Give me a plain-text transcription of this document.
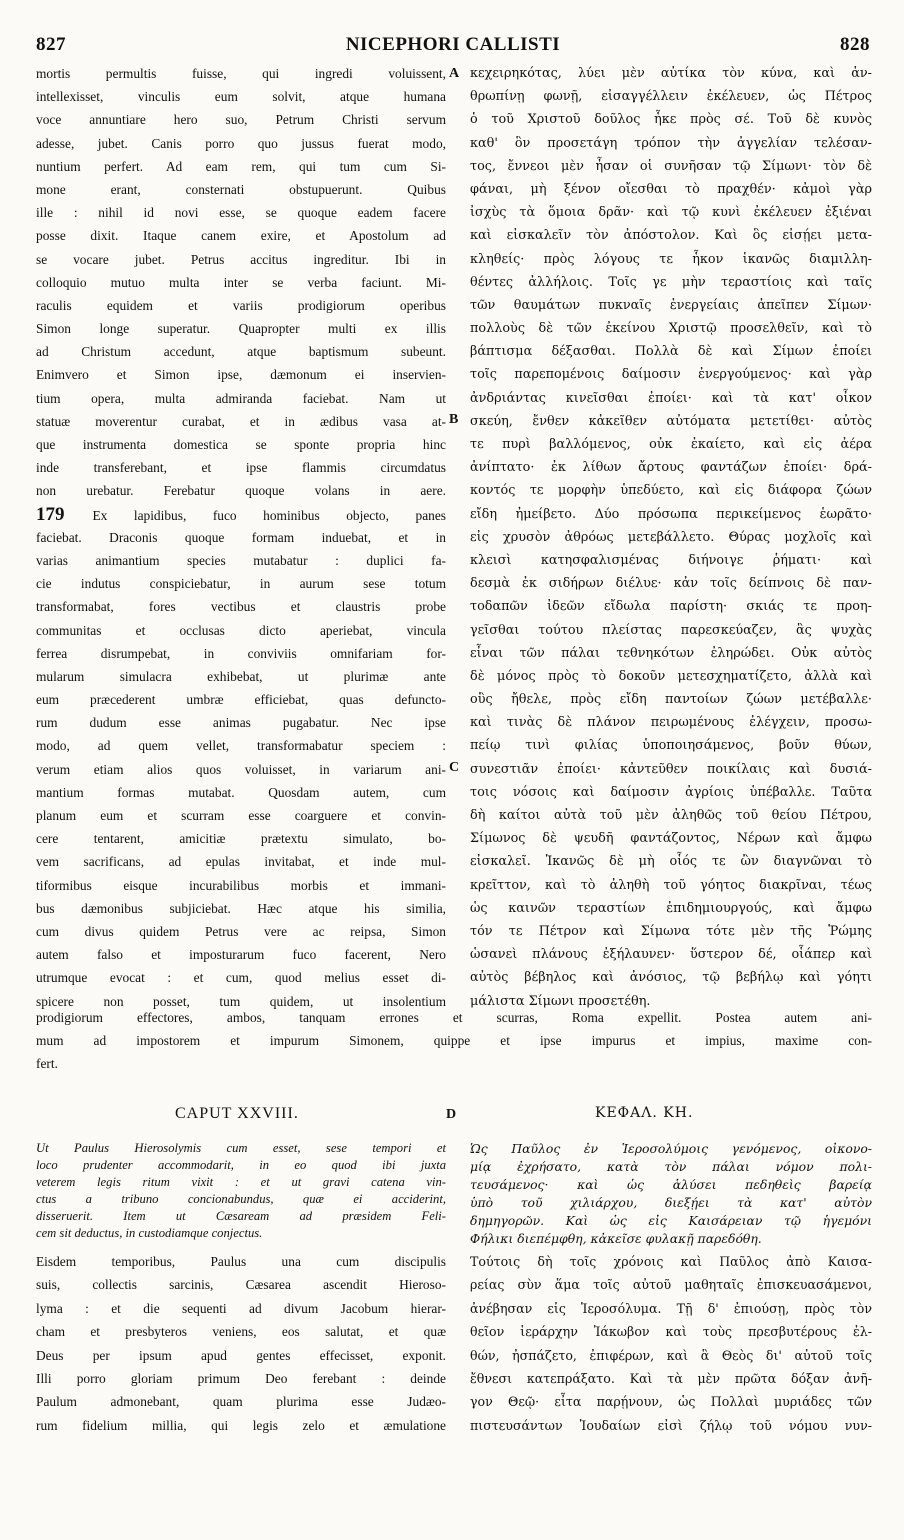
827	NICEPHORI CALLISTI	828
mortis permultis fuisse, qui ingredi voluissent,
intellexisset, vinculis eum solvit, atque humana
voce annuntiare hero suo, Petrum Christi servum
adesse, jubet. Canis porro quo jussus fuerat modo,
nuntium perfert. Ad eam rem, qui tum cum Si-
mone erant, consternati obstupuerunt. Quibus
ille : nihil id novi esse, se quoque eadem facere
posse dixit. Itaque canem exire, et Apostolum ad
se vocare jubet. Petrus accitus ingreditur. Ibi in
colloquio mutuo multa inter se verba faciunt. Mi-
raculis equidem et variis prodigiorum operibus
Simon longe superatur. Quapropter multi ex illis
ad Christum accedunt, atque baptismum subeunt.
Enimvero et Simon ipse, dæmonum ei inservien-
tium opera, multa admiranda faciebat. Nam ut
statuæ moverentur curabat, et in ædibus vasa at-
que instrumenta domestica se sponte propria hinc
inde transferebant, et ipse flammis circumdatus
non urebatur. Ferebatur quoque volans in aere.
179 Ex lapidibus, fuco hominibus objecto, panes
faciebat. Draconis quoque formam induebat, et in
varias animantium species mutabatur : duplici fa-
cie indutus conspiciebatur, in aurum sese totum
transformabat, fores vectibus et claustris probe
communitas et occlusas dicto aperiebat, vincula
ferrea disrumpebat, in conviviis omnifariam for-
mularum simulacra exhibebat, ut plurimæ ante
eum præcederent umbræ efficiebat, quas defuncto-
rum dudum esse animas pugabatur. Nec ipse
modo, ad quem vellet, transformabatur speciem :
verum etiam alios quos voluisset, in variarum ani-
mantium formas mutabat. Quosdam autem, cum
planum eum et scurram esse coarguere et convin-
cere tentarent, amicitiæ prætextu simulato, bo-
vem sacrificans, ad epulas invitabat, et inde mul-
tiformibus eisque incurabilibus morbis et immani-
bus dæmonibus subjiciebat. Hæc atque his similia,
cum divus quidem Petrus vere ac reipsa, Simon
autem falso et imposturarum fuco facerent, Nero
utrumque evocat : et cum, quod melius esset di-
spicere non posset, tum quidem, ut insolentium
κεχειρηκότας, λύει μὲν αὐτίκα τὸν κύνα, καὶ ἀν-
θρωπίνῃ φωνῇ, εἰσαγγέλλειν ἐκέλευεν, ὡς Πέτρος
ὁ τοῦ Χριστοῦ δοῦλος ἧκε πρὸς σέ. Τοῦ δὲ κυνὸς
καθ' ὃν προσετάγη τρόπον τὴν ἀγγελίαν τελέσαν-
τος, ἔννεοι μὲν ἦσαν οἱ συνῆσαν τῷ Σίμωνι· τὸν δὲ
φάναι, μὴ ξένον οἴεσθαι τὸ πραχθέν· κἀμοὶ γὰρ
ἰσχὺς τὰ ὅμοια δρᾶν· καὶ τῷ κυνὶ ἐκέλευεν ἐξιέναι
καὶ εἰσκαλεῖν τὸν ἀπόστολον. Καὶ ὃς εἰσῄει μετα-
κληθείς· πρὸς λόγους τε ἧκον ἱκανῶς διαμιλλη-
θέντες ἀλλήλοις. Τοῖς γε μὴν τεραστίοις καὶ ταῖς
τῶν θαυμάτων πυκναῖς ἐνεργείαις ἀπεῖπεν Σίμων·
πολλοὺς δὲ τῶν ἐκείνου Χριστῷ προσελθεῖν, καὶ τὸ
βάπτισμα δέξασθαι. Πολλὰ δὲ καὶ Σίμων ἐποίει
τοῖς παρεπομένοις δαίμοσιν ἐνεργούμενος· καὶ γὰρ
ἀνδριάντας κινεῖσθαι ἐποίει· καὶ τὰ κατ' οἶκον
σκεύη, ἔνθεν κἀκεῖθεν αὐτόματα μετετίθει· αὐτὸς
τε πυρὶ βαλλόμενος, οὐκ ἐκαίετο, καὶ εἰς ἀέρα
ἀνίπτατο· ἐκ λίθων ἄρτους φαντάζων ἐποίει· δρά-
κοντός τε μορφὴν ὑπεδύετο, καὶ εἰς διάφορα ζώων
εἴδη ἠμείβετο. Δύο πρόσωπα περικείμενος ἑωρᾶτο·
εἰς χρυσὸν ἀθρόως μετεβάλλετο. Θύρας μοχλοῖς καὶ
κλεισὶ κατησφαλισμένας διήνοιγε ῥήματι· καὶ
δεσμὰ ἐκ σιδήρων διέλυε· κἀν τοῖς δείπνοις δὲ παν-
τοδαπῶν ἰδεῶν εἴδωλα παρίστη· σκιάς τε προη-
γεῖσθαι τούτου πλείστας παρεσκεύαζεν, ἃς ψυχὰς
εἶναι τῶν πάλαι τεθνηκότων ἐληρώδει. Οὐκ αὐτὸς
δὲ μόνος πρὸς τὸ δοκοῦν μετεσχηματίζετο, ἀλλὰ καὶ
οὓς ἤθελε, πρὸς εἴδη παντοίων ζώων μετέβαλλε·
καὶ τινὰς δὲ πλάνον πειρωμένους ἐλέγχειν, προσω-
πείῳ τινὶ φιλίας ὑποποιησάμενος, βοῦν θύων,
συνεστιᾶν ἐποίει· κἀντεῦθεν ποικίλαις καὶ δυσιά-
τοις νόσοις καὶ δαίμοσιν ἀγρίοις ὑπέβαλλε. Ταῦτα
δὴ καίτοι αὐτὰ τοῦ μὲν ἀληθῶς τοῦ θείου Πέτρου,
Σίμωνος δὲ ψευδῆ φαντάζοντος, Νέρων καὶ ἄμφω
εἰσκαλεῖ. Ἱκανῶς δὲ μὴ οἷός τε ὢν διαγνῶναι τὸ
κρεῖττον, καὶ τὸ ἀληθὴ τοῦ γόητος διακρῖναι, τέως
ὡς καινῶν τεραστίων ἐπιδημιουργούς, καὶ ἄμφω
τόν τε Πέτρον καὶ Σίμωνα τότε μὲν τῆς Ῥώμης
ὡσανεὶ πλάνους ἐξήλαυνεν· ὕστερον δέ, οἷάπερ καὶ
αὐτὸς βέβηλος καὶ ἀνόσιος, τῷ βεβήλῳ καὶ γόητι
μάλιστα Σίμωνι προσετέθη.
A
B
C
prodigiorum effectores, ambos, tanquam errones et scurras, Roma expellit. Postea autem ani-
mum ad impostorem et impurum Simonem, quippe et ipse impurus et impius, maxime con-
fert.
CAPUT XXVIII.	D	ΚΕΦΑΛ. ΚΗ.
Ut Paulus Hierosolymis cum esset, sese tempori et
loco prudenter accommodarit, in eo quod ibi juxta
veterem legis ritum vixit : et ut gravi catena vin-
ctus a tribuno concionabundus, quæ ei acciderint,
disseruerit. Item ut Cæsaream ad præsidem Feli-
cem sit deductus, in custodiamque conjectus.
Ὡς Παῦλος ἐν Ἱεροσολύμοις γενόμενος, οἰκονο-
μίᾳ ἐχρήσατο, κατὰ τὸν πάλαι νόμον πολι-
τευσάμενος· καὶ ὡς ἁλύσει πεδηθεὶς βαρείᾳ
ὑπὸ τοῦ χιλιάρχου, διεξῄει τὰ κατ' αὐτὸν
δημηγορῶν. Καὶ ὡς εἰς Καισάρειαν τῷ ἡγεμόνι
Φήλικι διεπέμφθη, κἀκεῖσε φυλακῇ παρεδόθη.
Eisdem temporibus, Paulus una cum discipulis
suis, collectis sarcinis, Cæsarea ascendit Hieroso-
lyma : et die sequenti ad divum Jacobum hierar-
cham et presbyteros veniens, eos salutat, et quæ
Deus per ipsum apud gentes effecisset, exponit.
Illi porro gloriam primum Deo ferebant : deinde
Paulum admonebant, quam plurima esse Judæo-
rum fidelium millia, qui legis zelo et æmulatione
Τούτοις δὴ τοῖς χρόνοις καὶ Παῦλος ἀπὸ Καισα-
ρείας σὺν ἅμα τοῖς αὐτοῦ μαθηταῖς ἐπισκευασάμενοι,
ἀνέβησαν εἰς Ἱεροσόλυμα. Τῇ δ' ἐπιούσῃ, πρὸς τὸν
θεῖον ἱεράρχην Ἰάκωβον καὶ τοὺς πρεσβυτέρους ἐλ-
θών, ἠσπάζετο, ἐπιφέρων, καὶ ἃ Θεὸς δι' αὐτοῦ τοῖς
ἔθνεσι κατεπράξατο. Καὶ τὰ μὲν πρῶτα δόξαν ἀνῆ-
γον Θεῷ· εἶτα παρῄνουν, ὡς Πολλαὶ μυριάδες τῶν
πιστευσάντων Ἰουδαίων εἰσὶ ζήλῳ τοῦ νόμου νυν-
